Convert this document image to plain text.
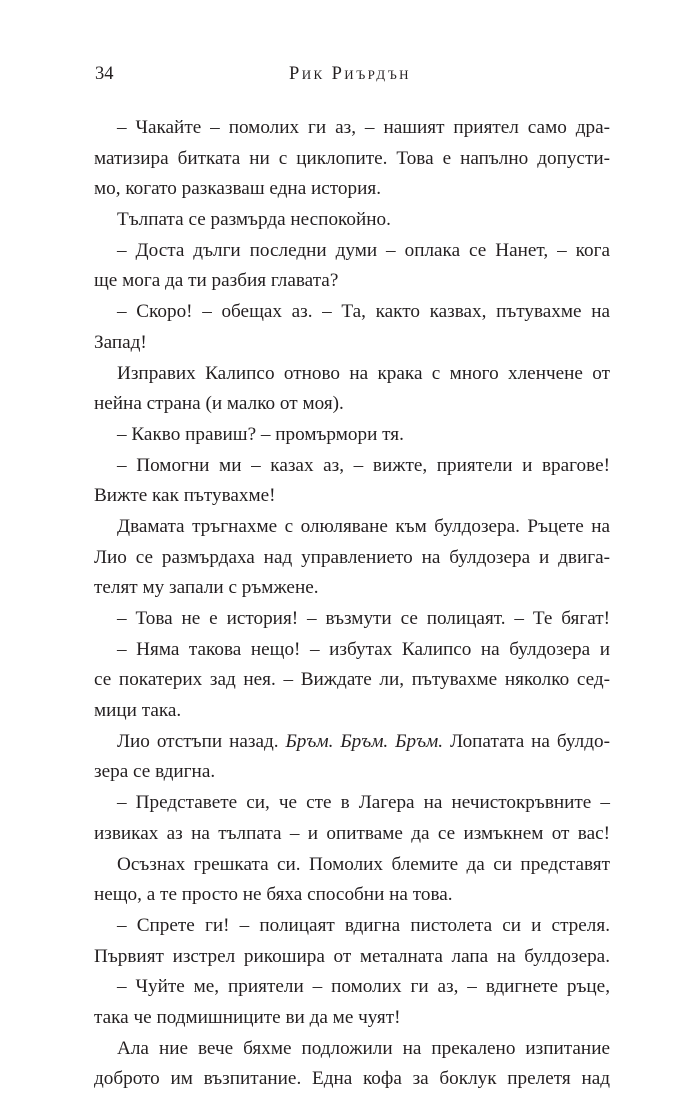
34	Рик Риърдън
– Чакайте – помолих ги аз, – нашият приятел само дра-
матизира битката ни с циклопите. Това е напълно допусти-
мо, когато разказваш една история.
Тълпата се размърда неспокойно.
– Доста дълги последни думи – оплака се Нанет, – кога
ще мога да ти разбия главата?
– Скоро! – обещах аз. – Та, както казвах, пътувахме на
Запад!
Изправих Калипсо отново на крака с много хленчене от
нейна страна (и малко от моя).
– Какво правиш? – промърмори тя.
– Помогни ми – казах аз, – вижте, приятели и врагове!
Вижте как пътувахме!
Двамата тръгнахме с олюляване към булдозера. Ръцете на
Лио се размърдаха над управлението на булдозера и двига-
телят му запали с ръмжене.
– Това не е история! – възмути се полицаят. – Те бягат!
– Няма такова нещо! – избутах Калипсо на булдозера и
се покатерих зад нея. – Виждате ли, пътувахме няколко сед-
мици така.
Лио отстъпи назад. Бръм. Бръм. Бръм. Лопатата на булдо-
зера се вдигна.
– Представете си, че сте в Лагера на нечистокръвните –
извиках аз на тълпата – и опитваме да се измъкнем от вас!
Осъзнах грешката си. Помолих блемите да си представят
нещо, а те просто не бяха способни на това.
– Спрете ги! – полицаят вдигна пистолета си и стреля.
Първият изстрел рикошира от металната лапа на булдозера.
– Чуйте ме, приятели – помолих ги аз, – вдигнете ръце,
така че подмишниците ви да ме чуят!
Ала ние вече бяхме подложили на прекалено изпитание
доброто им възпитание. Една кофа за боклук прелетя над
